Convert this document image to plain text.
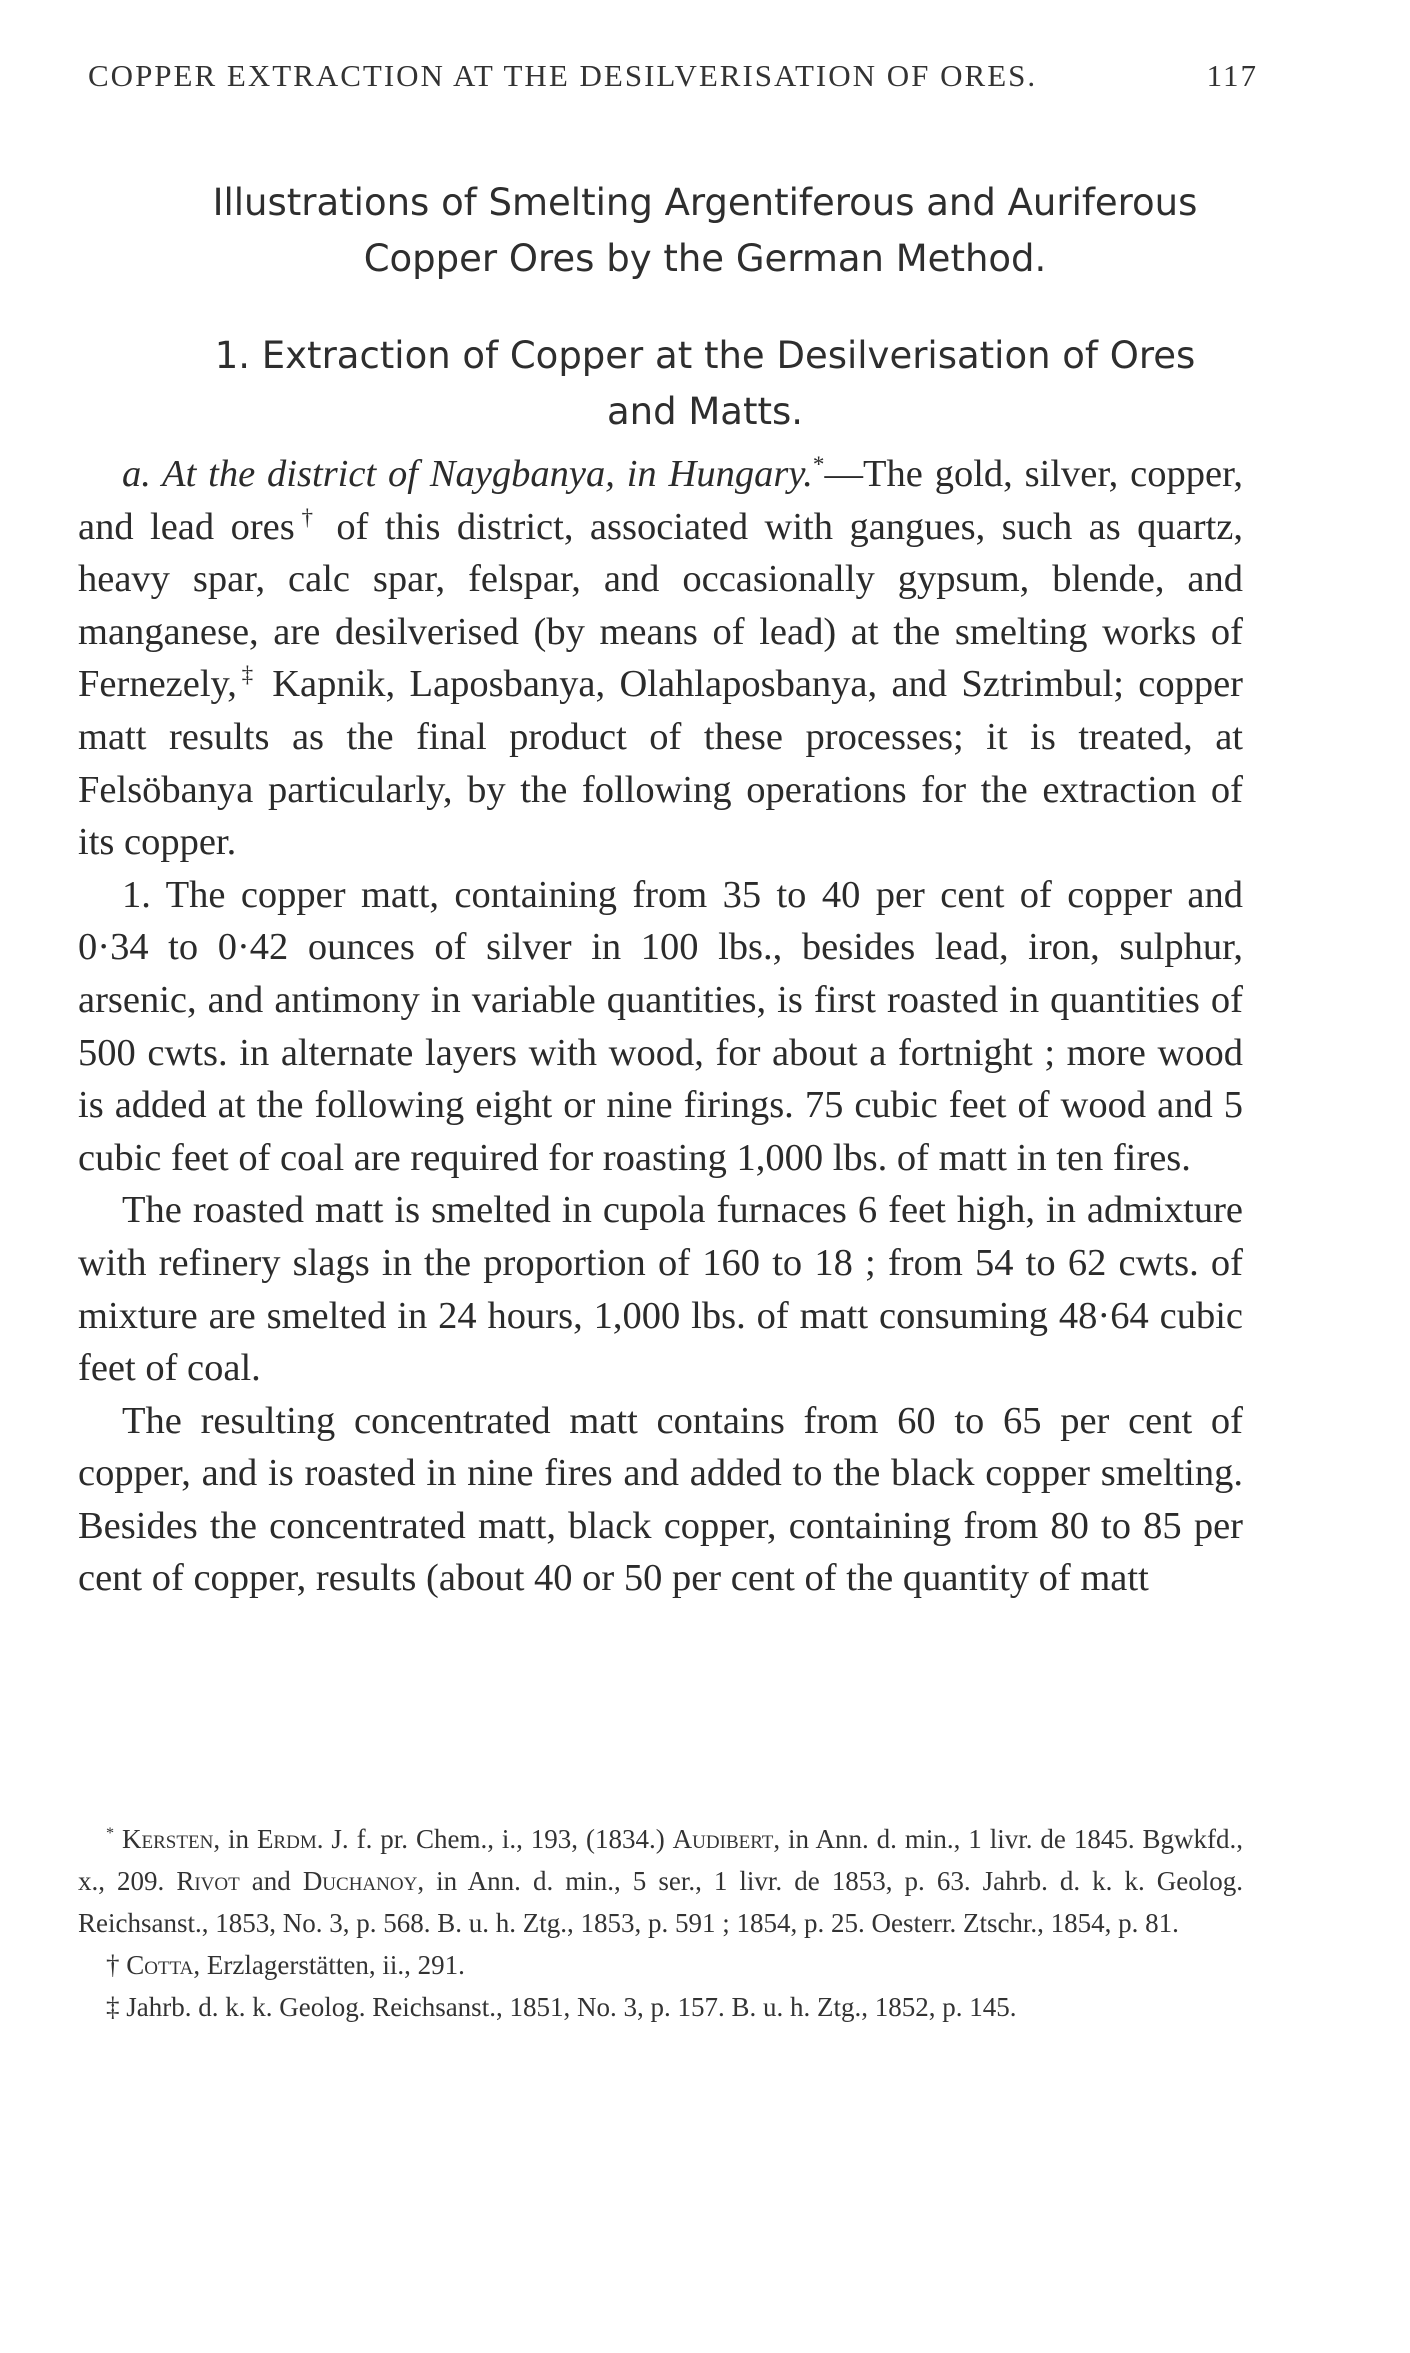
COPPER EXTRACTION AT THE DESILVERISATION OF ORES.	117
Illustrations of Smelting Argentiferous and Auriferous
Copper Ores by the German Method.
1. Extraction of Copper at the Desilverisation of Ores
and Matts.

a. At the district of Naygbanya, in Hungary.*—The gold, silver, copper, and lead ores† of this district, associated with gangues, such as quartz, heavy spar, calc spar, felspar, and occasionally gypsum, blende, and manganese, are desilverised (by means of lead) at the smelting works of Fernezely,‡ Kapnik, Laposbanya, Olahlaposbanya, and Sztrimbul; copper matt results as the final product of these processes; it is treated, at Felsöbanya particularly, by the following operations for the extraction of its copper.

1. The copper matt, containing from 35 to 40 per cent of copper and 0·34 to 0·42 ounces of silver in 100 lbs., besides lead, iron, sulphur, arsenic, and antimony in variable quantities, is first roasted in quantities of 500 cwts. in alternate layers with wood, for about a fortnight ; more wood is added at the following eight or nine firings. 75 cubic feet of wood and 5 cubic feet of coal are required for roasting 1,000 lbs. of matt in ten fires.

The roasted matt is smelted in cupola furnaces 6 feet high, in admixture with refinery slags in the proportion of 160 to 18 ; from 54 to 62 cwts. of mixture are smelted in 24 hours, 1,000 lbs. of matt consuming 48·64 cubic feet of coal.

The resulting concentrated matt contains from 60 to 65 per cent of copper, and is roasted in nine fires and added to the black copper smelting. Besides the concentrated matt, black copper, containing from 80 to 85 per cent of copper, results (about 40 or 50 per cent of the quantity of matt

* Kersten, in Erdm. J. f. pr. Chem., i., 193, (1834.) Audibert, in Ann. d. min., 1 livr. de 1845. Bgwkfd., x., 209. Rivot and Duchanoy, in Ann. d. min., 5 ser., 1 livr. de 1853, p. 63. Jahrb. d. k. k. Geolog. Reichsanst., 1853, No. 3, p. 568. B. u. h. Ztg., 1853, p. 591 ; 1854, p. 25. Oesterr. Ztschr., 1854, p. 81.

† Cotta, Erzlagerstätten, ii., 291.

‡ Jahrb. d. k. k. Geolog. Reichsanst., 1851, No. 3, p. 157. B. u. h. Ztg., 1852, p. 145.
